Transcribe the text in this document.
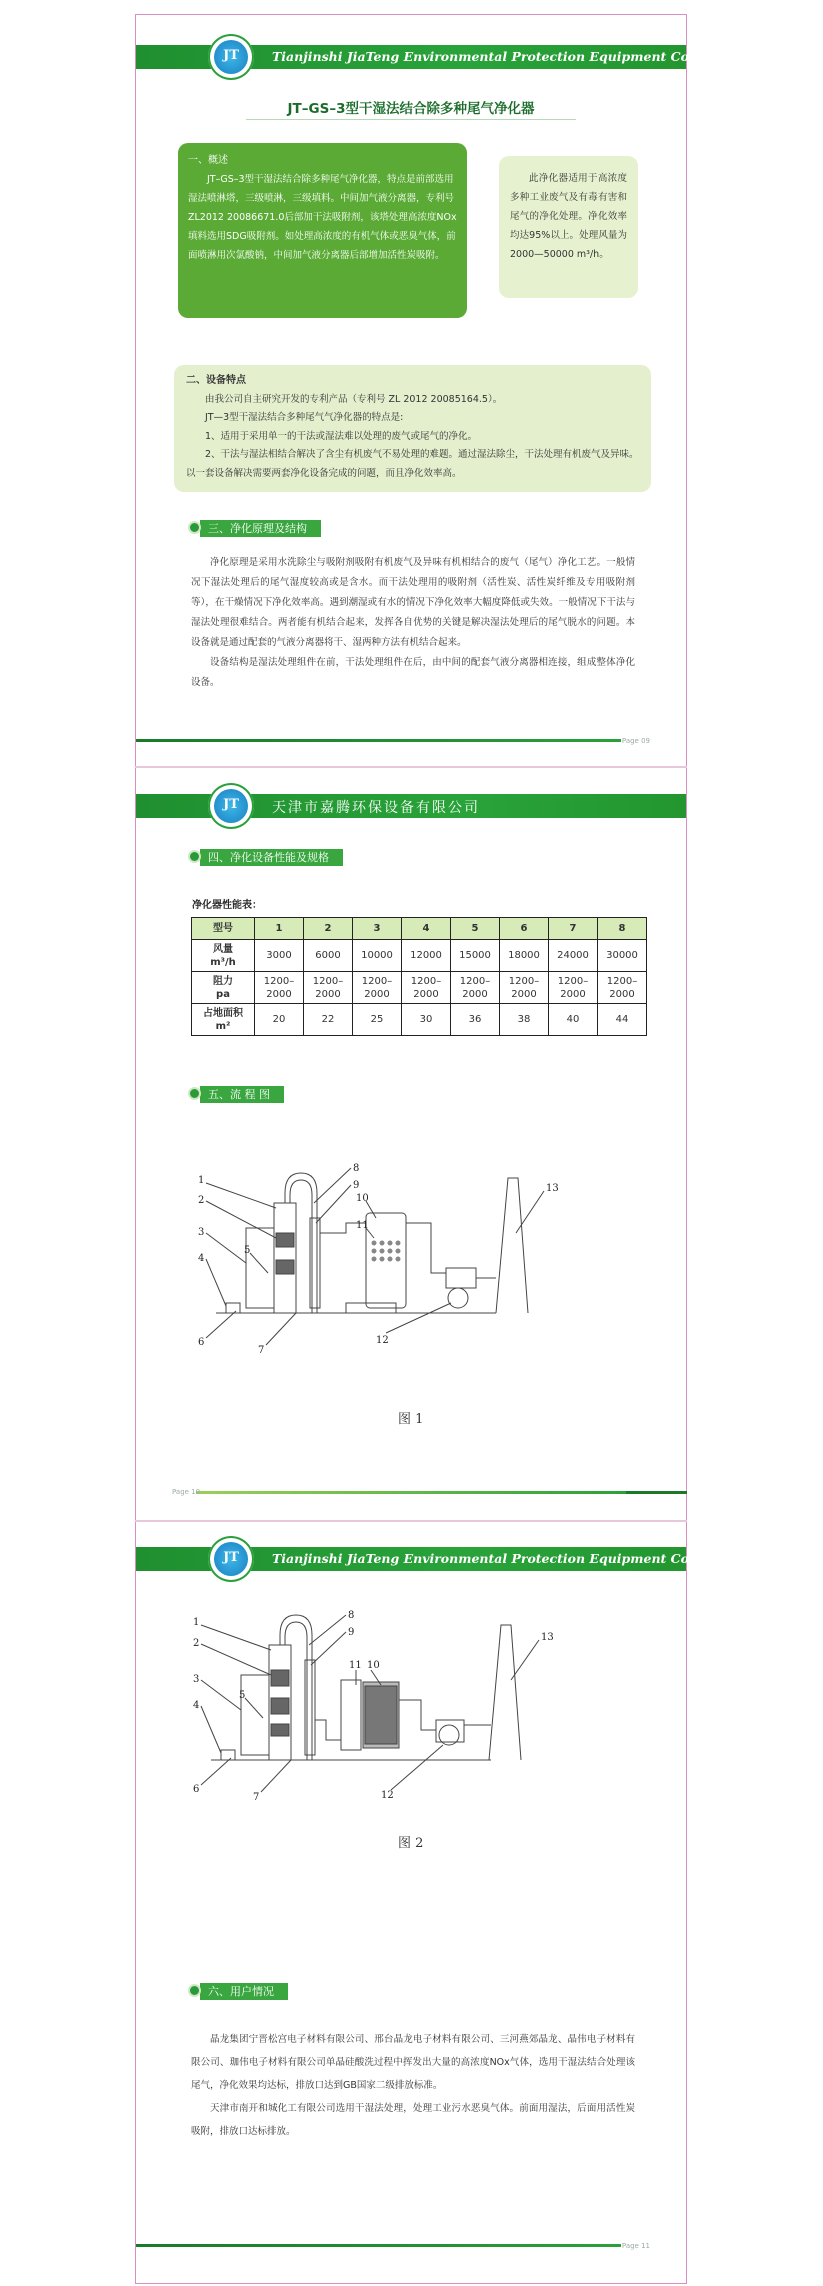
Tianjinshi JiaTeng Environmental Protection Equipment Co.,Ltd
JT
JT–GS–3型干湿法结合除多种尾气净化器
一、概述
JT–GS–3型干湿法结合除多种尾气净化器，特点是前部选用湿法喷淋塔，三级喷淋，三级填料。中间加气液分离器，专利号ZL2012 20086671.0后部加干法吸附剂，该塔处理高浓度NOx填料选用SDG吸附剂。如处理高浓度的有机气体或恶臭气体，前面喷淋用次氯酸钠，中间加气液分离器后部增加活性炭吸附。
此净化器适用于高浓度多种工业废气及有毒有害和尾气的净化处理。净化效率均达95%以上。处理风量为2000—50000 m³/h。
二、设备特点
由我公司自主研究开发的专利产品（专利号 ZL 2012 20085164.5）。
JT—3型干湿法结合多种尾气气净化器的特点是:
1、适用于采用单一的干法或湿法难以处理的废气或尾气的净化。
2、干法与湿法相结合解决了含尘有机废气不易处理的难题。通过湿法除尘，干法处理有机废气及异味。以一套设备解决需要两套净化设备完成的问题，而且净化效率高。
三、净化原理及结构

净化原理是采用水洗除尘与吸附剂吸附有机废气及异味有机相结合的废气（尾气）净化工艺。一般情况下湿法处理后的尾气湿度较高或是含水。而干法处理用的吸附剂（活性炭、活性炭纤维及专用吸附剂等），在干燥情况下净化效率高。遇到潮湿或有水的情况下净化效率大幅度降低或失效。一般情况下干法与湿法处理很难结合。两者能有机结合起来，发挥各自优势的关键是解决湿法处理后的尾气脱水的问题。本设备就是通过配套的气液分离器将干、湿两种方法有机结合起来。

设备结构是湿法处理组件在前，干法处理组件在后，由中间的配套气液分离器相连接，组成整体净化设备。

Page 09
天津市嘉腾环保设备有限公司
JT
四、净化设备性能及规格
净化器性能表：
型号	1	2	3	4	5	6	7	8
风量
m³/h	3000	6000	10000	12000	15000	18000	24000	30000
阻力
pa	1200–
2000	1200–
2000	1200–
2000	1200–
2000	1200–
2000	1200–
2000	1200–
2000	1200–
2000
占地面积
m²	20	22	25	30	36	38	40	44
五、流 程 图
1
2
3
4
5
6
7
8
9
10
11
12
13
图 1
Page 10
Tianjinshi JiaTeng Environmental Protection Equipment Co.,Ltd
JT
1
2
3
4
5
6
7
8
9
10
11
12
13
图 2
六、用户情况

晶龙集团宁晋松宫电子材料有限公司、邢台晶龙电子材料有限公司、三河燕郊晶龙、晶伟电子材料有限公司、珈伟电子材料有限公司单晶硅酸洗过程中挥发出大量的高浓度NOx气体，选用干湿法结合处理该尾气，净化效果均达标，排放口达到GB国家二级排放标准。

天津市南开和城化工有限公司选用干湿法处理，处理工业污水恶臭气体。前面用湿法，后面用活性炭吸附，排放口达标排放。

Page 11
